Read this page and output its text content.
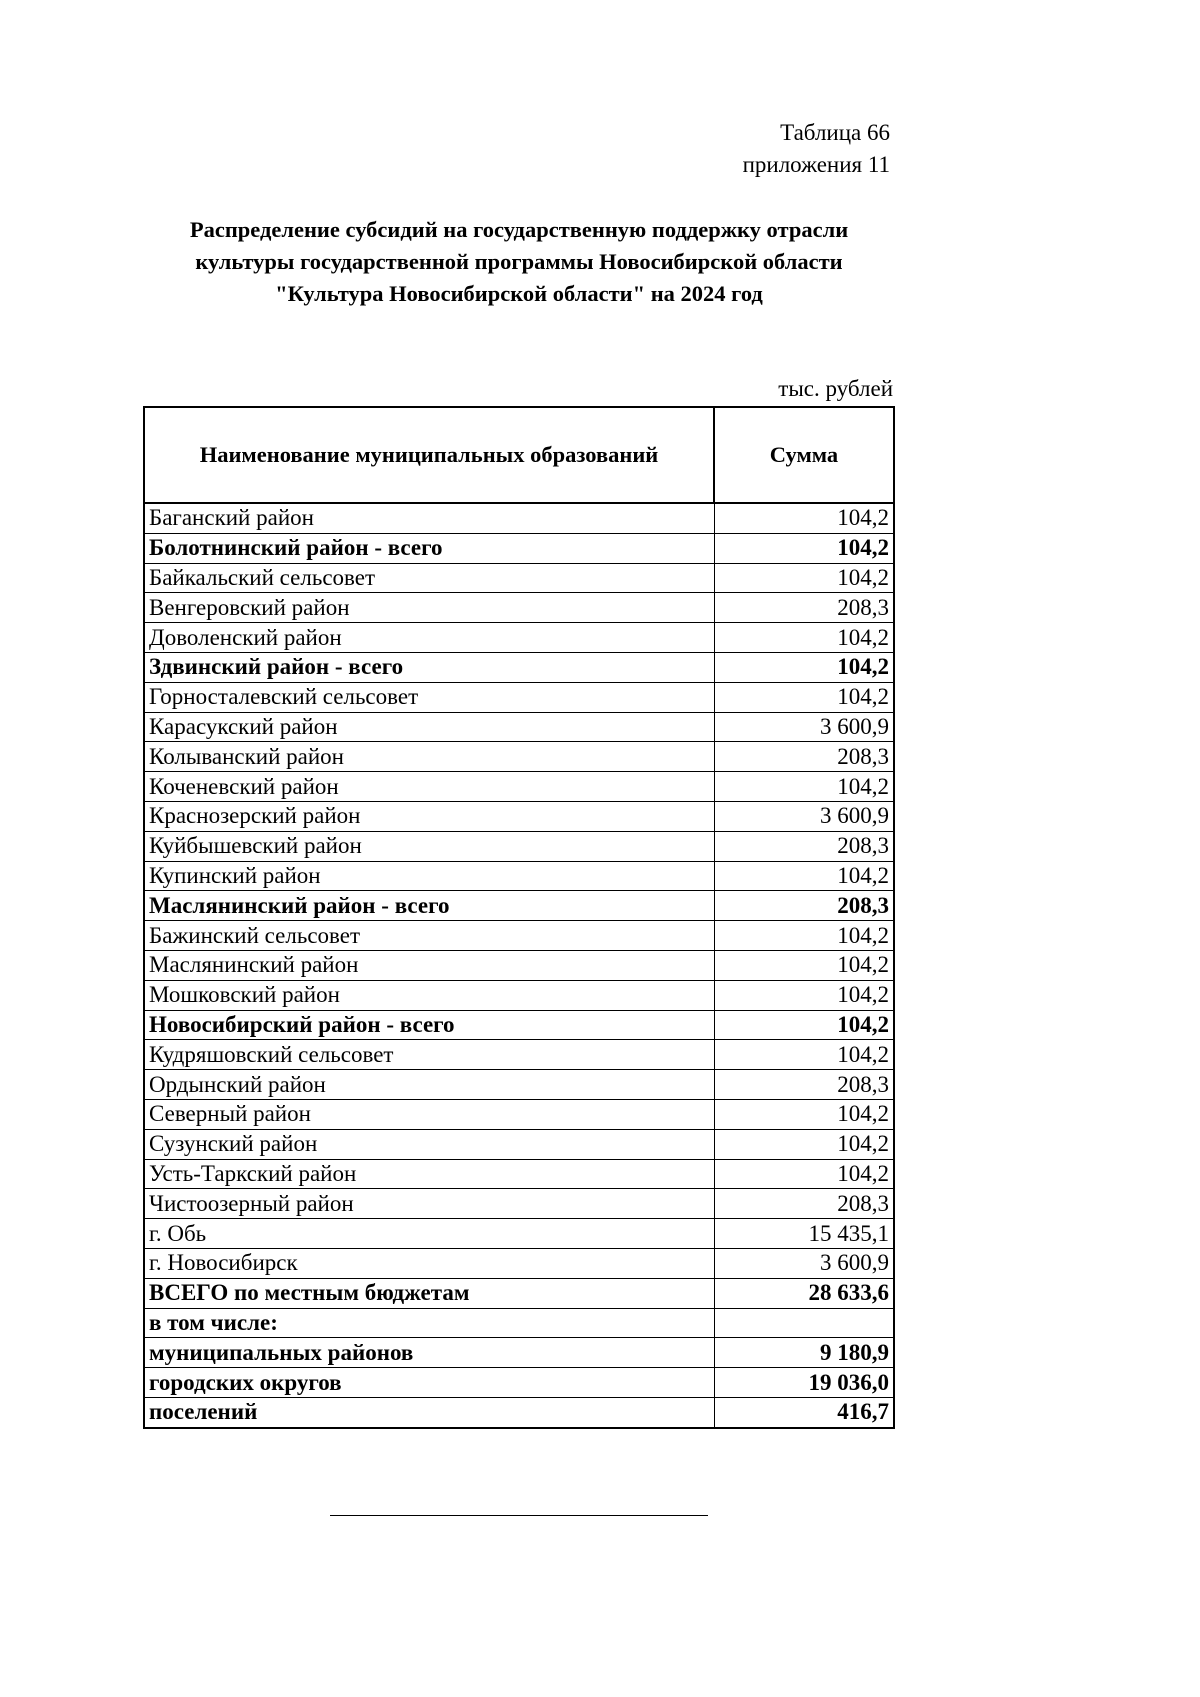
Таблица 66
приложения 11
Распределение субсидий на государственную поддержку отрасли
культуры государственной программы Новосибирской области
"Культура Новосибирской области" на 2024 год
тыс. рублей
Наименование муниципальных образований	Сумма
Баганский район	104,2
Болотнинский район - всего	104,2
Байкальский сельсовет	104,2
Венгеровский район	208,3
Доволенский район	104,2
Здвинский район - всего	104,2
Горносталевский сельсовет	104,2
Карасукский район	3 600,9
Колыванский район	208,3
Коченевский район	104,2
Краснозерский район	3 600,9
Куйбышевский район	208,3
Купинский район	104,2
Маслянинский район - всего	208,3
Бажинский сельсовет	104,2
Маслянинский район	104,2
Мошковский район	104,2
Новосибирский район - всего	104,2
Кудряшовский сельсовет	104,2
Ордынский район	208,3
Северный район	104,2
Сузунский район	104,2
Усть-Таркский район	104,2
Чистоозерный район	208,3
г. Обь	15 435,1
г. Новосибирск	3 600,9
ВСЕГО по местным бюджетам	28 633,6
в том числе:	
муниципальных районов	9 180,9
городских округов	19 036,0
поселений	416,7
